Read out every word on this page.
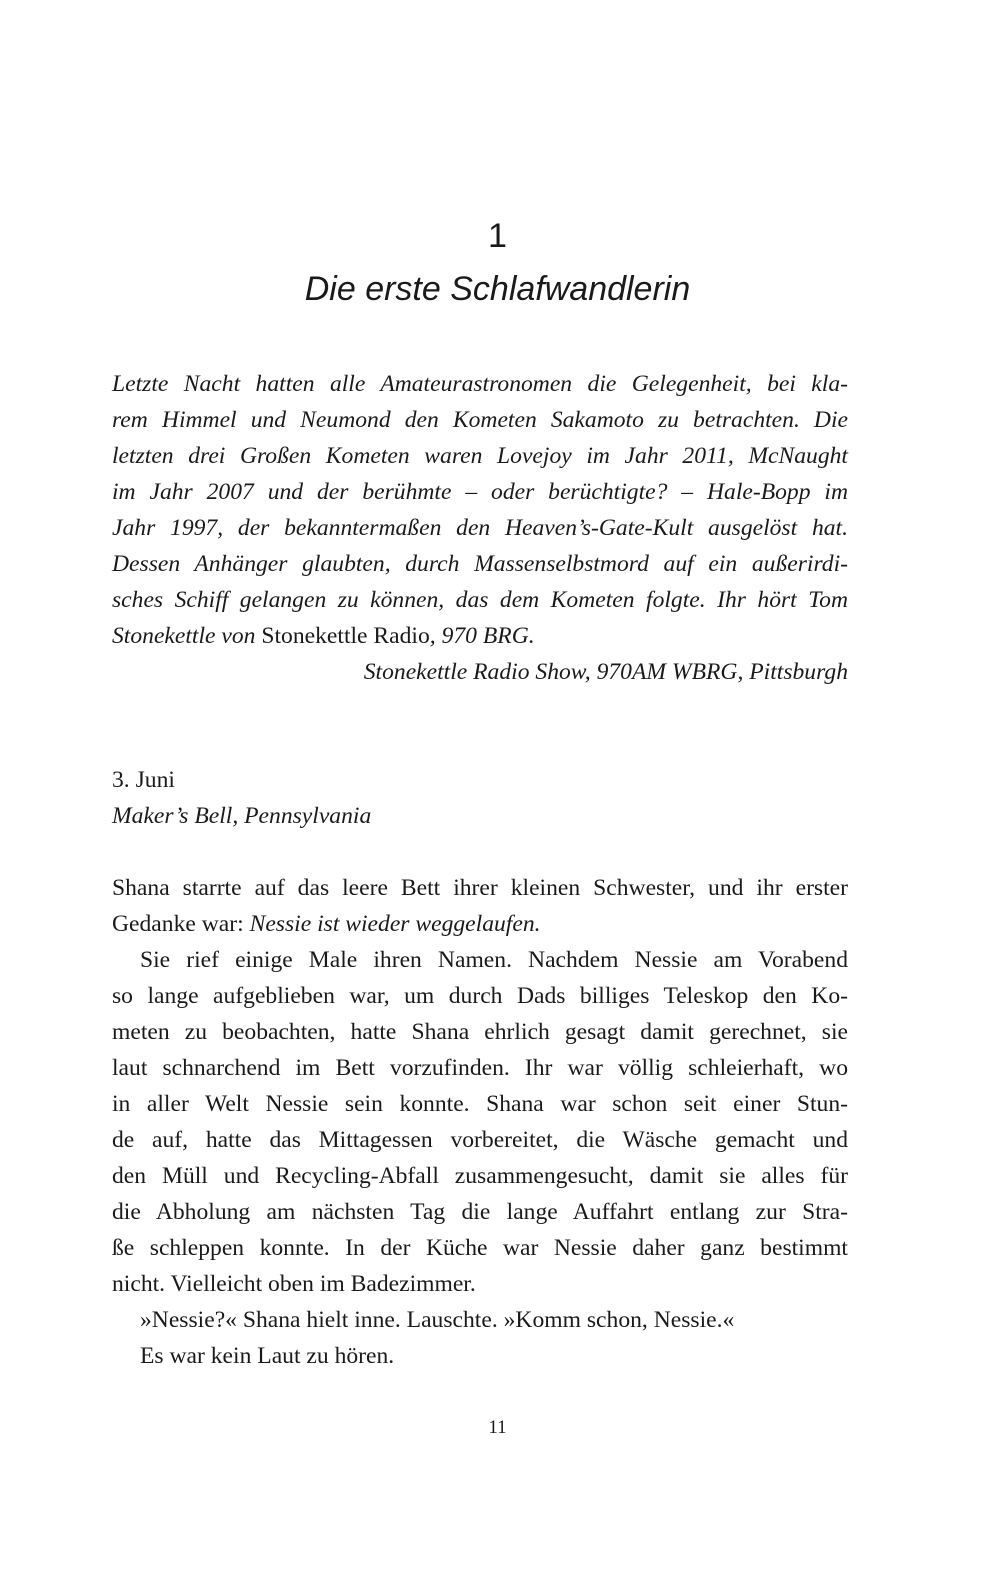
1
Die erste Schlafwandlerin
Letzte Nacht hatten alle Amateurastronomen die Gelegenheit, bei kla-
rem Himmel und Neumond den Kometen Sakamoto zu betrachten. Die
letzten drei Großen Kometen waren Lovejoy im Jahr 2011, McNaught
im Jahr 2007 und der berühmte – oder berüchtigte? – Hale-Bopp im
Jahr 1997, der bekanntermaßen den Heaven’s-Gate-Kult ausgelöst hat.
Dessen Anhänger glaubten, durch Massenselbstmord auf ein außerirdi-
sches Schiff gelangen zu können, das dem Kometen folgte. Ihr hört Tom
Stonekettle von Stonekettle Radio, 970 BRG.
Stonekettle Radio Show, 970AM WBRG, Pittsburgh
3. Juni
Maker’s Bell, Pennsylvania
Shana starrte auf das leere Bett ihrer kleinen Schwester, und ihr erster
Gedanke war: Nessie ist wieder weggelaufen.
Sie rief einige Male ihren Namen. Nachdem Nessie am Vorabend
so lange aufgeblieben war, um durch Dads billiges Teleskop den Ko-
meten zu beobachten, hatte Shana ehrlich gesagt damit gerechnet, sie
laut schnarchend im Bett vorzufinden. Ihr war völlig schleierhaft, wo
in aller Welt Nessie sein konnte. Shana war schon seit einer Stun-
de auf, hatte das Mittagessen vorbereitet, die Wäsche gemacht und
den Müll und Recycling-Abfall zusammengesucht, damit sie alles für
die Abholung am nächsten Tag die lange Auffahrt entlang zur Stra-
ße schleppen konnte. In der Küche war Nessie daher ganz bestimmt
nicht. Vielleicht oben im Badezimmer.
»Nessie?« Shana hielt inne. Lauschte. »Komm schon, Nessie.«
Es war kein Laut zu hören.
11
